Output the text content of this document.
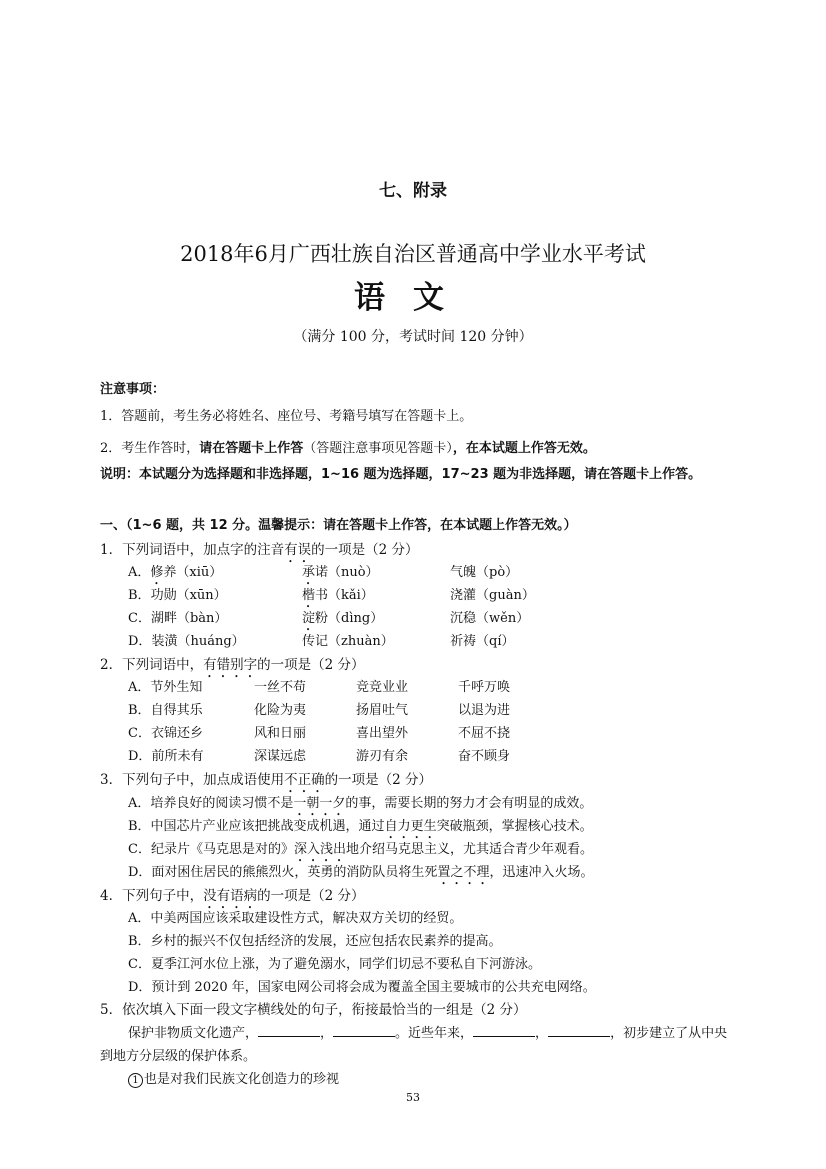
七、附录
2018年6月广西壮族自治区普通高中学业水平考试
语文
（满分 100 分，考试时间 120 分钟）
注意事项：
1．答题前，考生务必将姓名、座位号、考籍号填写在答题卡上。
2．考生作答时，请在答题卡上作答（答题注意事项见答题卡），在本试题上作答无效。
说明：本试题分为选择题和非选择题，1~16 题为选择题，17~23 题为非选择题，请在答题卡上作答。
一、（1~6 题，共 12 分。温馨提示：请在答题卡上作答，在本试题上作答无效。）
1．下列词语中，加点字的注音有误的一项是（2 分）
A．修养（xiū）	承诺（nuò）	气魄（pò）
B．功勋（xūn）	楷书（kǎi）	浇灌（guàn）
C．湖畔（bàn）	淀粉（dìng）	沉稳（wěn）
D．装潢（huáng）	传记（zhuàn）	祈祷（qí）
2．下列词语中，有错别字的一项是（2 分）
A．节外生知	一丝不苟	竞竞业业	千呼万唤
B．自得其乐	化险为夷	扬眉吐气	以退为进
C．衣锦还乡	风和日丽	喜出望外	不屈不挠
D．前所未有	深谋远虑	游刃有余	奋不顾身
3．下列句子中，加点成语使用不正确的一项是（2 分）
A．培养良好的阅读习惯不是一朝一夕的事，需要长期的努力才会有明显的成效。
B．中国芯片产业应该把挑战变成机遇，通过自力更生突破瓶颈，掌握核心技术。
C．纪录片《马克思是对的》深入浅出地介绍马克思主义，尤其适合青少年观看。
D．面对困住居民的熊熊烈火，英勇的消防队员将生死置之不理，迅速冲入火场。
4．下列句子中，没有语病的一项是（2 分）
A．中美两国应该采取建设性方式，解决双方关切的经贸。
B．乡村的振兴不仅包括经济的发展，还应包括农民素养的提高。
C．夏季江河水位上涨，为了避免溺水，同学们切忌不要私自下河游泳。
D．预计到 2020 年，国家电网公司将会成为覆盖全国主要城市的公共充电网络。
5．依次填入下面一段文字横线处的句子，衔接最恰当的一组是（2 分）
保护非物质文化遗产，	，	。近些年来，	，	，初步建立了从中央
到地方分层级的保护体系。
1 也是对我们民族文化创造力的珍视
53
